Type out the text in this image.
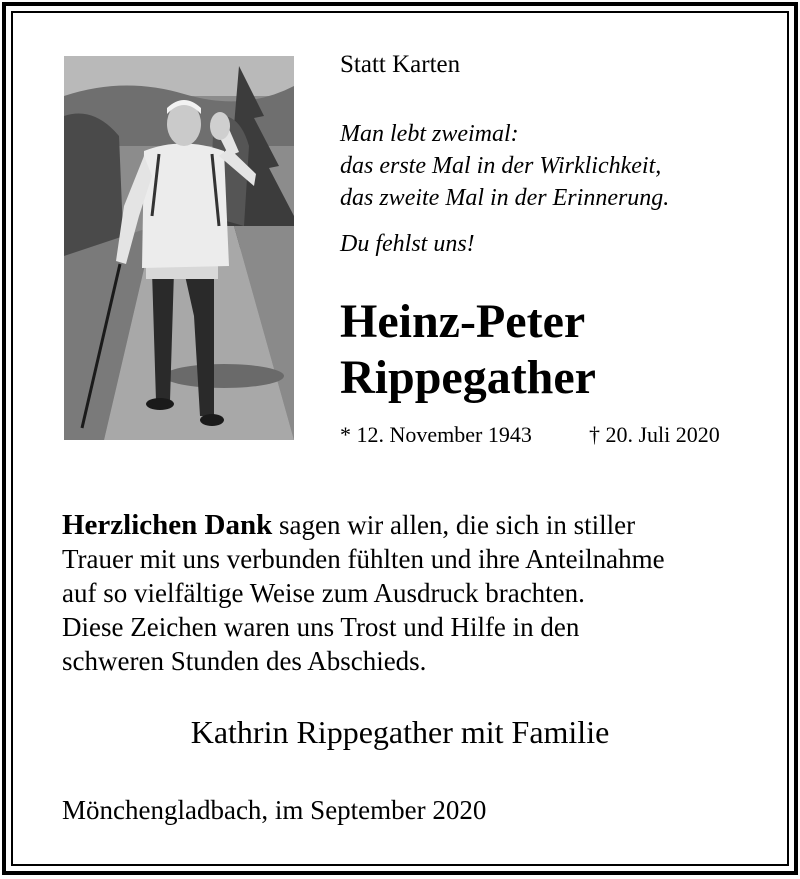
Statt Karten
Man lebt zweimal:
das erste Mal in der Wirklichkeit,
das zweite Mal in der Erinnerung.
Du fehlst uns!
Heinz-Peter
Rippegather
* 12. November 1943	† 20. Juli 2020
Herzlichen Dank sagen wir allen, die sich in stiller
Trauer mit uns verbunden fühlten und ihre Anteilnahme
auf so vielfältige Weise zum Ausdruck brachten.
Diese Zeichen waren uns Trost und Hilfe in den
schweren Stunden des Abschieds.
Kathrin Rippegather mit Familie
Mönchengladbach, im September 2020
